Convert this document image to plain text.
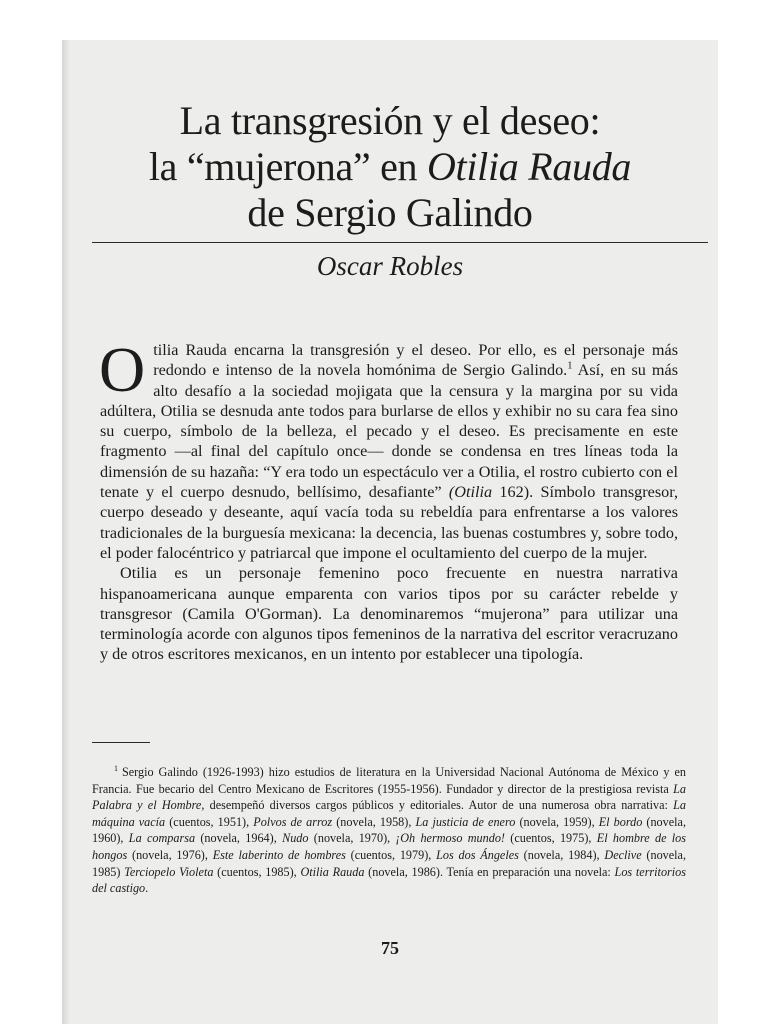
La transgresión y el deseo:
la “mujerona” en Otilia Rauda
de Sergio Galindo
Oscar Robles

Otilia Rauda encarna la transgresión y el deseo. Por ello, es el personaje más redondo e intenso de la novela homónima de Sergio Galindo.$^1$ Así, en su más alto desafío a la sociedad mojigata que la censura y la margina por su vida adúltera, Otilia se desnuda ante todos para burlarse de ellos y exhibir no su cara fea sino su cuerpo, símbolo de la belleza, el pecado y el deseo. Es precisamente en este fragmento —al final del capítulo once— donde se condensa en tres líneas toda la dimensión de su hazaña: “Y era todo un espectáculo ver a Otilia, el rostro cubierto con el tenate y el cuerpo desnudo, bellísimo, desafiante” (Otilia 162). Símbolo transgresor, cuerpo deseado y deseante, aquí vacía toda su rebeldía para enfrentarse a los valores tradicionales de la burguesía mexicana: la decencia, las buenas costumbres y, sobre todo, el poder falocéntrico y patriarcal que impone el ocultamiento del cuerpo de la mujer.

Otilia es un personaje femenino poco frecuente en nuestra narrativa hispanoamericana aunque emparenta con varios tipos por su carácter rebelde y transgresor (Camila O'Gorman). La denominaremos “mujerona” para utilizar una terminología acorde con algunos tipos femeninos de la narrativa del escritor veracruzano y de otros escritores mexicanos, en un intento por establecer una tipología.

$^1$ Sergio Galindo (1926-1993) hizo estudios de literatura en la Universidad Nacional Autónoma de México y en Francia. Fue becario del Centro Mexicano de Escritores (1955-1956). Fundador y director de la prestigiosa revista La Palabra y el Hombre, desempeñó diversos cargos públicos y editoriales. Autor de una numerosa obra narrativa: La máquina vacía (cuentos, 1951), Polvos de arroz (novela, 1958), La justicia de enero (novela, 1959), El bordo (novela, 1960), La comparsa (novela, 1964), Nudo (novela, 1970), ¡Oh hermoso mundo! (cuentos, 1975), El hombre de los hongos (novela, 1976), Este laberinto de hombres (cuentos, 1979), Los dos Ángeles (novela, 1984), Declive (novela, 1985) Terciopelo Violeta (cuentos, 1985), Otilia Rauda (novela, 1986). Tenía en preparación una novela: Los territorios del castigo.

75
